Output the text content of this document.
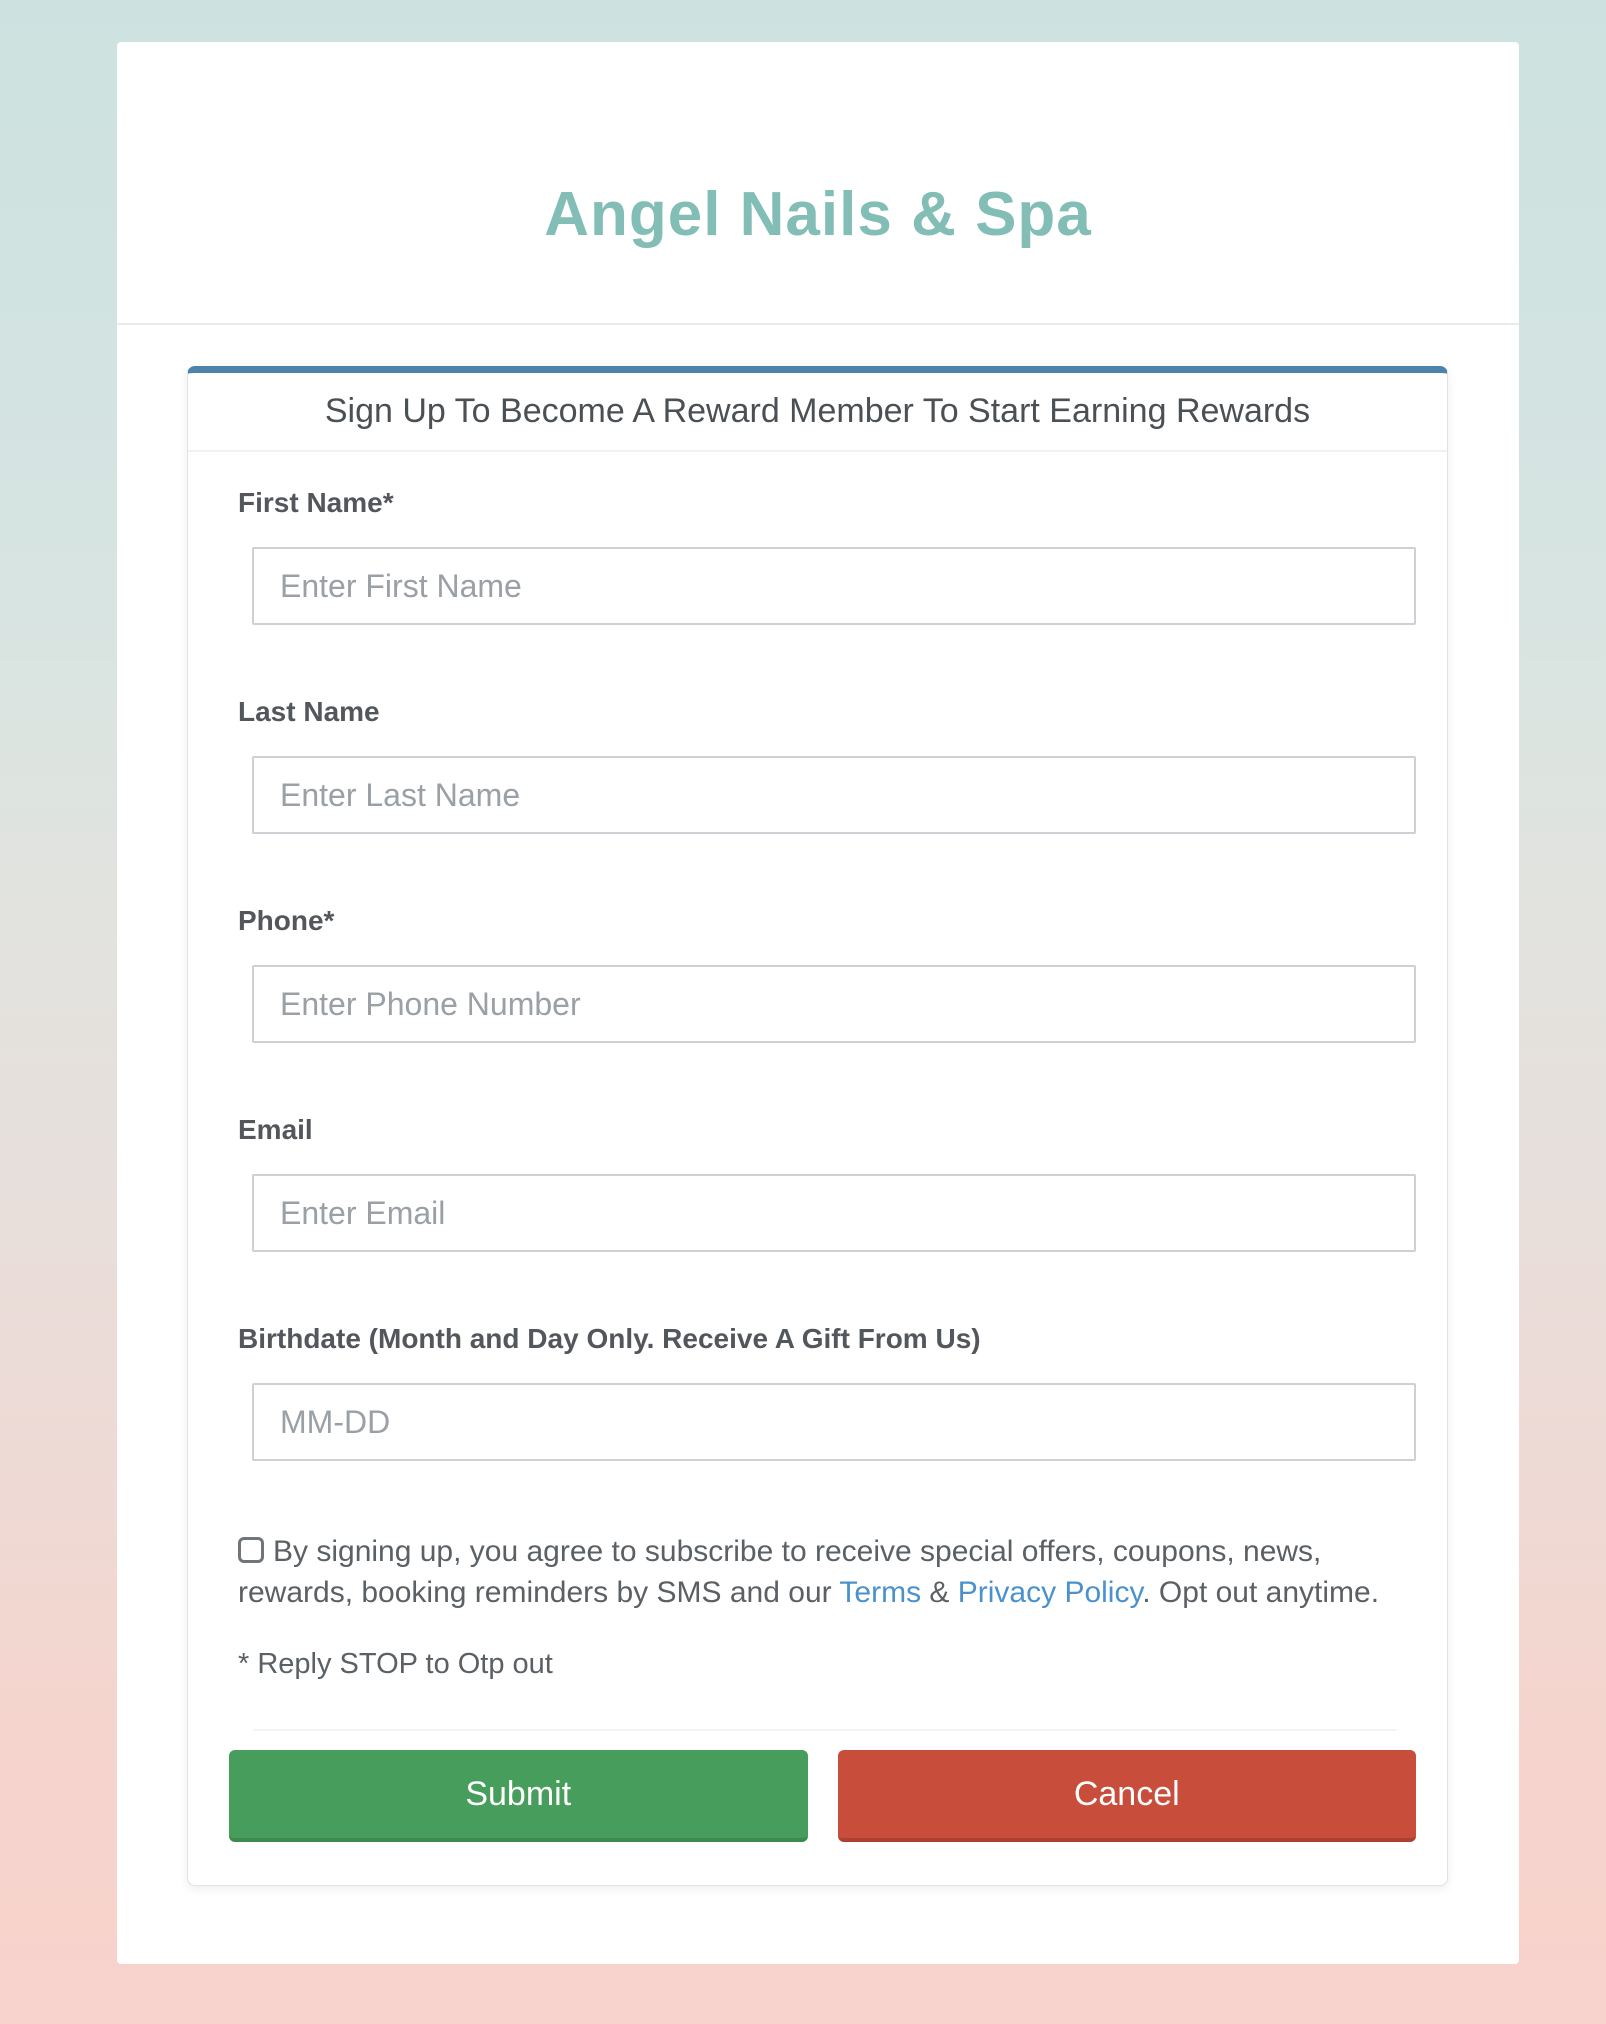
Angel Nails & Spa
Sign Up To Become A Reward Member To Start Earning Rewards
First Name*
Enter First Name
Last Name
Enter Last Name
Phone*
Enter Phone Number
Email
Enter Email
Birthdate (Month and Day Only. Receive A Gift From Us)
MM-DD
By signing up, you agree to subscribe to receive special offers, coupons, news, rewards, booking reminders by SMS and our Terms & Privacy Policy. Opt out anytime.
* Reply STOP to Otp out
Submit	Cancel
